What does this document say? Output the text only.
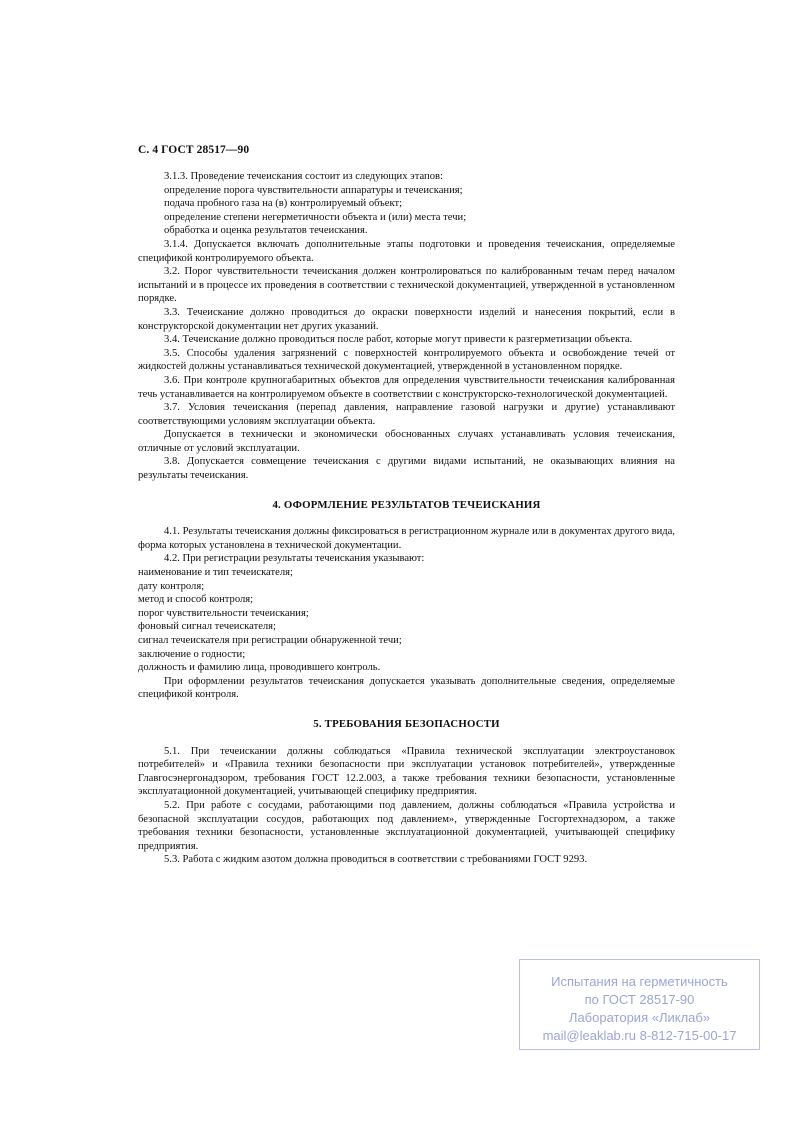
С. 4 ГОСТ 28517—90

3.1.3. Проведение течеискания состоит из следующих этапов:

определение порога чувствительности аппаратуры и течеискания;

подача пробного газа на (в) контролируемый объект;

определение степени негерметичности объекта и (или) места течи;

обработка и оценка результатов течеискания.

3.1.4. Допускается включать дополнительные этапы подготовки и проведения течеискания, определяемые спецификой контролируемого объекта.

3.2. Порог чувствительности течеискания должен контролироваться по калиброванным течам перед началом испытаний и в процессе их проведения в соответствии с технической документацией, утвержденной в установленном порядке.

3.3. Течеискание должно проводиться до окраски поверхности изделий и нанесения покрытий, если в конструкторской документации нет других указаний.

3.4. Течеискание должно проводиться после работ, которые могут привести к разгерметизации объекта.

3.5. Способы удаления загрязнений с поверхностей контролируемого объекта и освобождение течей от жидкостей должны устанавливаться технической документацией, утвержденной в установленном порядке.

3.6. При контроле крупногабаритных объектов для определения чувствительности течеискания калиброванная течь устанавливается на контролируемом объекте в соответствии с конструкторско-технологической документацией.

3.7. Условия течеискания (перепад давления, направление газовой нагрузки и другие) устанавливают соответствующими условиям эксплуатации объекта.

Допускается в технически и экономически обоснованных случаях устанавливать условия течеискания, отличные от условий эксплуатации.

3.8. Допускается совмещение течеискания с другими видами испытаний, не оказывающих влияния на результаты течеискания.

4. ОФОРМЛЕНИЕ РЕЗУЛЬТАТОВ ТЕЧЕИСКАНИЯ

4.1. Результаты течеискания должны фиксироваться в регистрационном журнале или в документах другого вида, форма которых установлена в технической документации.

4.2. При регистрации результаты течеискания указывают:

наименование и тип течеискателя;

дату контроля;

метод и способ контроля;

порог чувствительности течеискания;

фоновый сигнал течеискателя;

сигнал течеискателя при регистрации обнаруженной течи;

заключение о годности;

должность и фамилию лица, проводившего контроль.

При оформлении результатов течеискания допускается указывать дополнительные сведения, определяемые спецификой контроля.

5. ТРЕБОВАНИЯ БЕЗОПАСНОСТИ

5.1. При течеискании должны соблюдаться «Правила технической эксплуатации электроустановок потребителей» и «Правила техники безопасности при эксплуатации установок потребителей», утвержденные Главгосэнергонадзором, требования ГОСТ 12.2.003, а также требования техники безопасности, установленные эксплуатационной документацией, учитывающей специфику предприятия.

5.2. При работе с сосудами, работающими под давлением, должны соблюдаться «Правила устройства и безопасной эксплуатации сосудов, работающих под давлением», утвержденные Госгортехнадзором, а также требования техники безопасности, установленные эксплуатационной документацией, учитывающей специфику предприятия.

5.3. Работа с жидким азотом должна проводиться в соответствии с требованиями ГОСТ 9293.

Испытания на герметичность
по ГОСТ 28517-90
Лаборатория «Ликлаб»
mail@leaklab.ru 8-812-715-00-17
